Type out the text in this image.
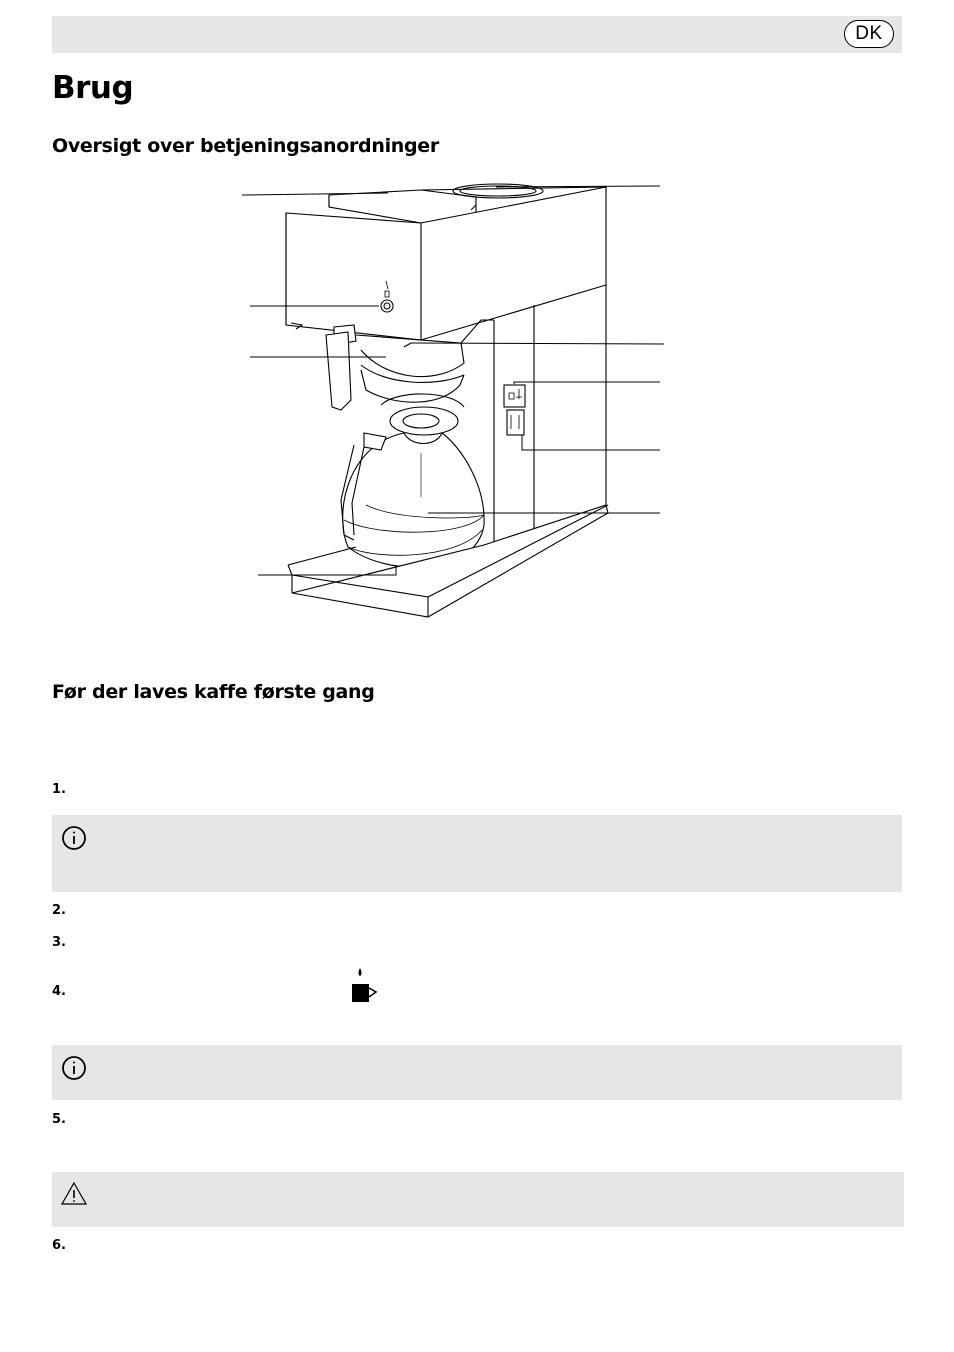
DK
Brug
Oversigt over betjeningsanordninger
Før der laves kaffe første gang
1.
2.
3.
4.
5.
6.
